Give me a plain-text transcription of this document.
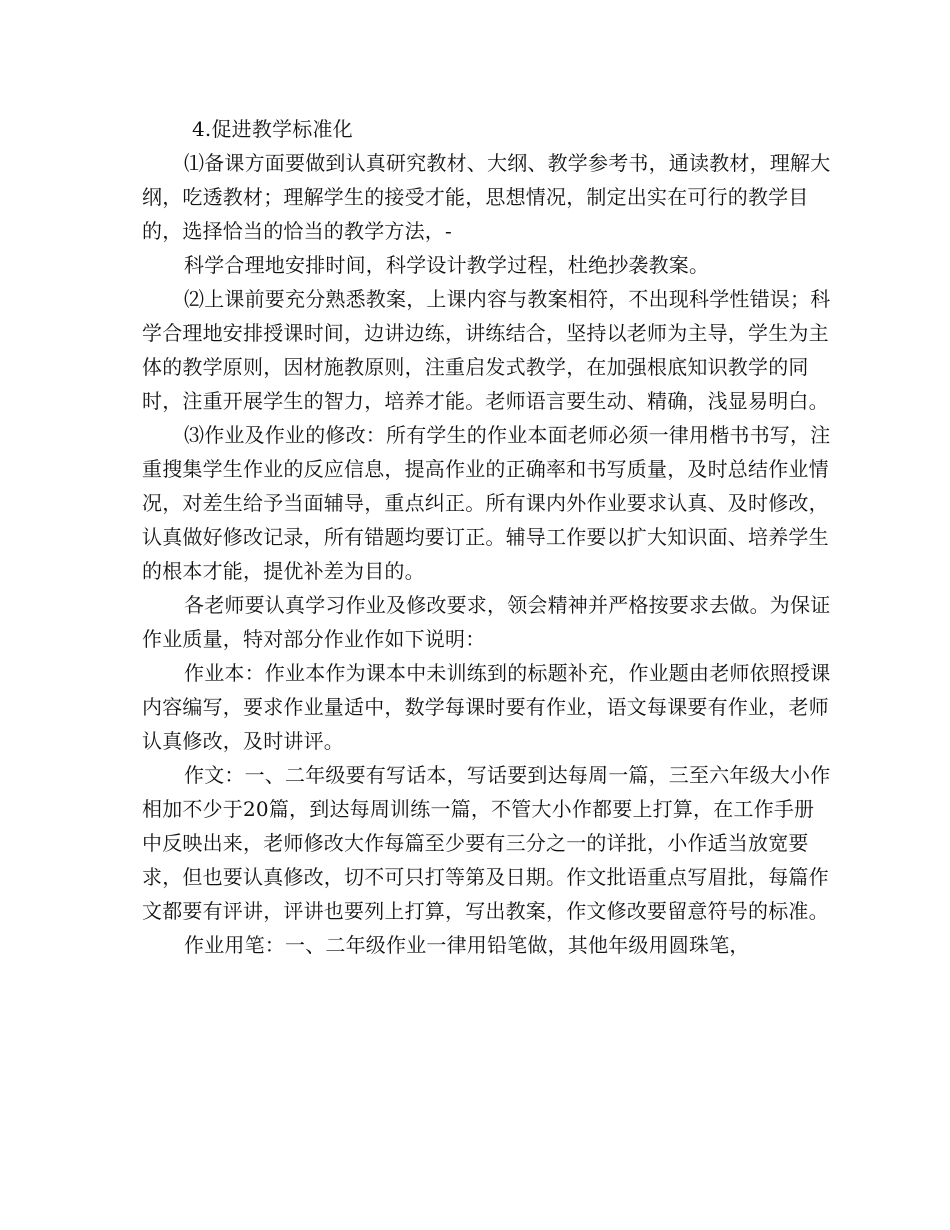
4.促进教学标准化

⑴备课方面要做到认真研究教材、大纲、教学参考书，通读教材，理解大纲，吃透教材；理解学生的接受才能，思想情况，制定出实在可行的教学目的，选择恰当的恰当的教学方法，-

科学合理地安排时间，科学设计教学过程，杜绝抄袭教案。

⑵上课前要充分熟悉教案，上课内容与教案相符，不出现科学性错误；科学合理地安排授课时间，边讲边练，讲练结合，坚持以老师为主导，学生为主体的教学原则，因材施教原则，注重启发式教学，在加强根底知识教学的同时，注重开展学生的智力，培养才能。老师语言要生动、精确，浅显易明白。

⑶作业及作业的修改：所有学生的作业本面老师必须一律用楷书书写，注重搜集学生作业的反应信息，提高作业的正确率和书写质量，及时总结作业情况，对差生给予当面辅导，重点纠正。所有课内外作业要求认真、及时修改，认真做好修改记录，所有错题均要订正。辅导工作要以扩大知识面、培养学生的根本才能，提优补差为目的。

各老师要认真学习作业及修改要求，领会精神并严格按要求去做。为保证作业质量，特对部分作业作如下说明：

作业本：作业本作为课本中未训练到的标题补充，作业题由老师依照授课内容编写，要求作业量适中，数学每课时要有作业，语文每课要有作业，老师认真修改，及时讲评。

作文：一、二年级要有写话本，写话要到达每周一篇，三至六年级大小作相加不少于20篇，到达每周训练一篇，不管大小作都要上打算，在工作手册中反映出来，老师修改大作每篇至少要有三分之一的详批，小作适当放宽要求，但也要认真修改，切不可只打等第及日期。作文批语重点写眉批，每篇作文都要有评讲，评讲也要列上打算，写出教案，作文修改要留意符号的标准。

作业用笔：一、二年级作业一律用铅笔做，其他年级用圆珠笔，
